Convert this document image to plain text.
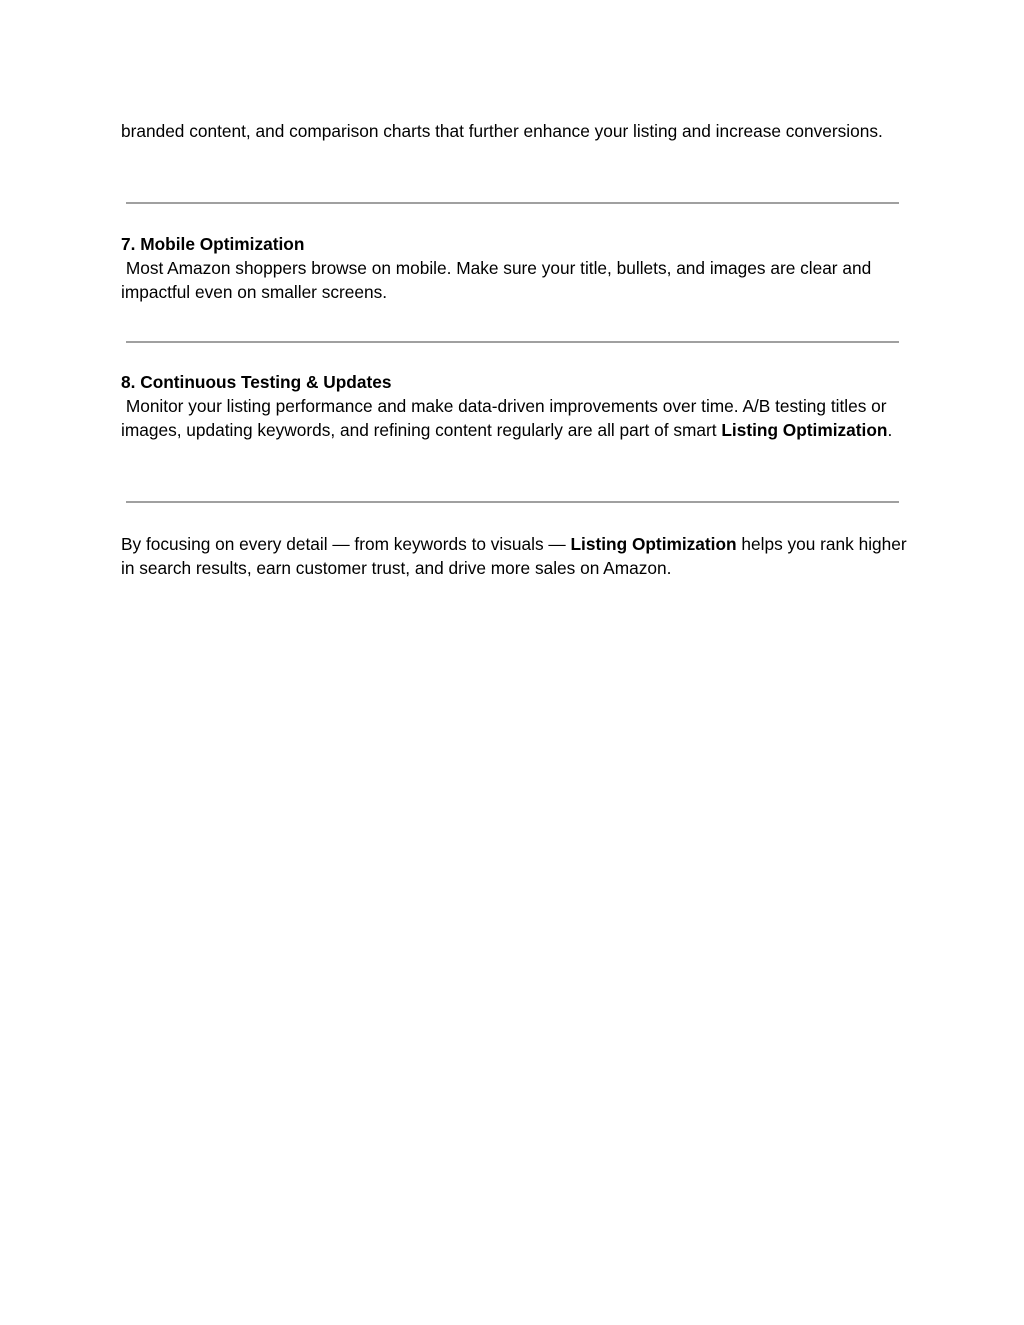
branded content, and comparison charts that further enhance your listing and increase conversions.

7. Mobile Optimization

Most Amazon shoppers browse on mobile. Make sure your title, bullets, and images are clear and impactful even on smaller screens.

8. Continuous Testing & Updates

Monitor your listing performance and make data-driven improvements over time. A/B testing titles or images, updating keywords, and refining content regularly are all part of smart Listing Optimization.

By focusing on every detail — from keywords to visuals — Listing Optimization helps you rank higher in search results, earn customer trust, and drive more sales on Amazon.
